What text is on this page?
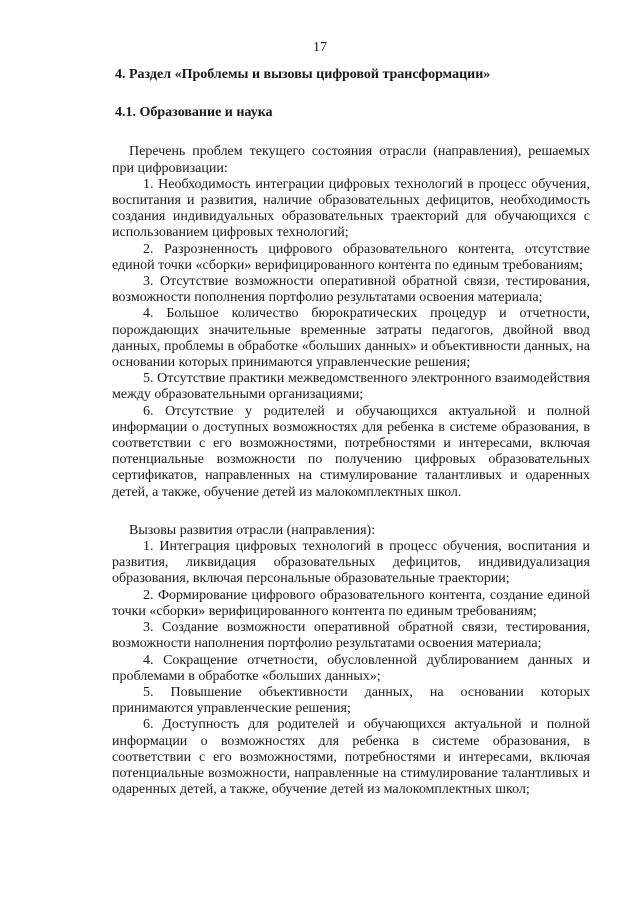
17

4. Раздел «Проблемы и вызовы цифровой трансформации»

4.1. Образование и наука

Перечень проблем текущего состояния отрасли (направления), решаемых при цифровизации:

1. Необходимость интеграции цифровых технологий в процесс обучения, воспитания и развития, наличие образовательных дефицитов, необходимость создания индивидуальных образовательных траекторий для обучающихся с использованием цифровых технологий;

2. Разрозненность цифрового образовательного контента, отсутствие единой точки «сборки» верифицированного контента по единым требованиям;

3. Отсутствие возможности оперативной обратной связи, тестирования, возможности пополнения портфолио результатами освоения материала;

4. Большое количество бюрократических процедур и отчетности, порождающих значительные временные затраты педагогов, двойной ввод данных, проблемы в обработке «больших данных» и объективности данных, на основании которых принимаются управленческие решения;

5. Отсутствие практики межведомственного электронного взаимодействия между образовательными организациями;

6. Отсутствие у родителей и обучающихся актуальной и полной информации о доступных возможностях для ребенка в системе образования, в соответствии с его возможностями, потребностями и интересами, включая потенциальные возможности по получению цифровых образовательных сертификатов, направленных на стимулирование талантливых и одаренных детей, а также, обучение детей из малокомплектных школ.

Вызовы развития отрасли (направления):

1. Интеграция цифровых технологий в процесс обучения, воспитания и развития, ликвидация образовательных дефицитов, индивидуализация образования, включая персональные образовательные траектории;

2. Формирование цифрового образовательного контента, создание единой точки «сборки» верифицированного контента по единым требованиям;

3. Создание возможности оперативной обратной связи, тестирования, возможности наполнения портфолио результатами освоения материала;

4. Сокращение отчетности, обусловленной дублированием данных и проблемами в обработке «больших данных»;

5. Повышение объективности данных, на основании которых принимаются управленческие решения;

6. Доступность для родителей и обучающихся актуальной и полной информации о возможностях для ребенка в системе образования, в соответствии с его возможностями, потребностями и интересами, включая потенциальные возможности, направленные на стимулирование талантливых и одаренных детей, а также, обучение детей из малокомплектных школ;
